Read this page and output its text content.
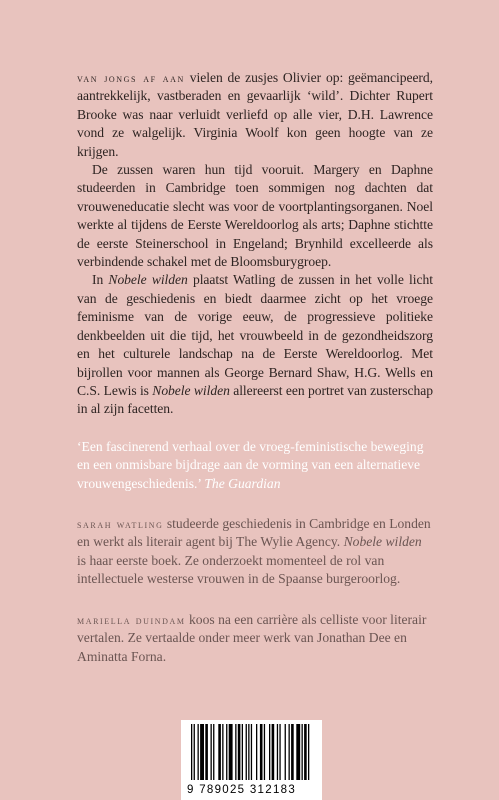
van jongs af aan vielen de zusjes Olivier op: geëmancipeerd, aantrekkelijk, vastberaden en gevaarlijk ‘wild’. Dichter Rupert Brooke was naar verluidt verliefd op alle vier, D.H. Lawrence vond ze walgelijk. Virginia Woolf kon geen hoogte van ze krijgen.

De zussen waren hun tijd vooruit. Margery en Daphne studeerden in Cambridge toen sommigen nog dachten dat vrouweneducatie slecht was voor de voortplantingsorganen. Noel werkte al tijdens de Eerste Wereldoorlog als arts; Daphne stichtte de eerste Steinerschool in Engeland; Brynhild excelleerde als verbindende schakel met de Bloomsburygroep.

In Nobele wilden plaatst Watling de zussen in het volle licht van de geschiedenis en biedt daarmee zicht op het vroege feminisme van de vorige eeuw, de progressieve politieke denkbeelden uit die tijd, het vrouwbeeld in de gezondheidszorg en het culturele landschap na de Eerste Wereldoorlog. Met bijrollen voor mannen als George Bernard Shaw, H.G. Wells en C.S. Lewis is Nobele wilden allereerst een portret van zusterschap in al zijn facetten.

‘Een fascinerend verhaal over de vroeg-feministische beweging en een onmisbare bijdrage aan de vorming van een alternatieve vrouwengeschiedenis.’ The Guardian
sarah watling studeerde geschiedenis in Cambridge en Londen en werkt als literair agent bij The Wylie Agency. Nobele wilden is haar eerste boek. Ze onderzoekt momenteel de rol van intellectuele westerse vrouwen in de Spaanse burgeroorlog.
mariella duindam koos na een carrière als celliste voor literair vertalen. Ze vertaalde onder meer werk van Jonathan Dee en Aminatta Forna.
9 789025 312183
